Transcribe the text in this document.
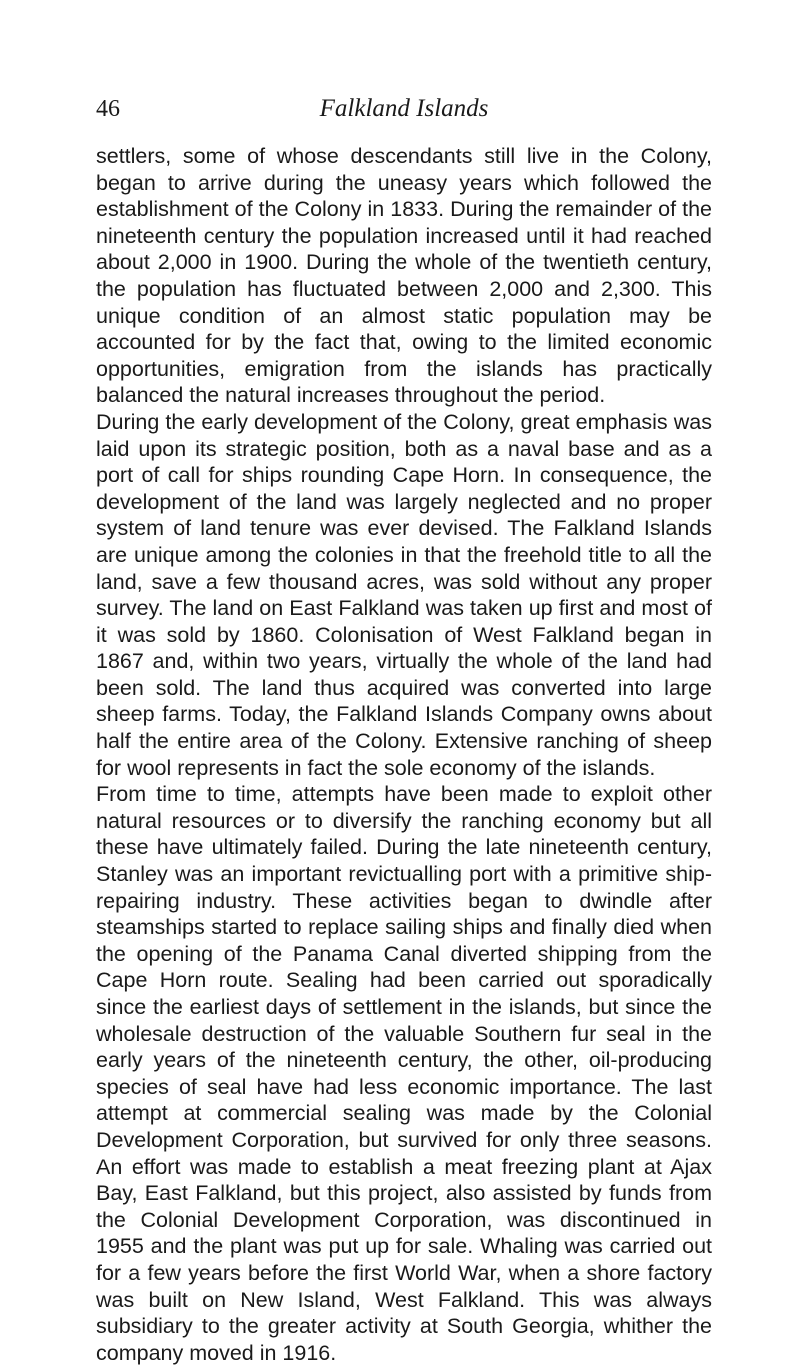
46	Falkland Islands

settlers, some of whose descendants still live in the Colony, began to arrive during the uneasy years which followed the establishment of the Colony in 1833. During the remainder of the nineteenth century the population increased until it had reached about 2,000 in 1900. During the whole of the twentieth century, the population has fluctuated between 2,000 and 2,300. This unique condition of an almost static population may be accounted for by the fact that, owing to the limited economic opportunities, emigration from the islands has practically balanced the natural increases throughout the period.

During the early development of the Colony, great emphasis was laid upon its strategic position, both as a naval base and as a port of call for ships rounding Cape Horn. In consequence, the development of the land was largely neglected and no proper system of land tenure was ever devised. The Falkland Islands are unique among the colonies in that the freehold title to all the land, save a few thousand acres, was sold without any proper survey. The land on East Falkland was taken up first and most of it was sold by 1860. Colonisation of West Falkland began in 1867 and, within two years, virtually the whole of the land had been sold. The land thus acquired was converted into large sheep farms. Today, the Falkland Islands Company owns about half the entire area of the Colony. Extensive ranching of sheep for wool represents in fact the sole economy of the islands.

From time to time, attempts have been made to exploit other natural resources or to diversify the ranching economy but all these have ultimately failed. During the late nineteenth century, Stanley was an important revictualling port with a primitive ship-repairing industry. These activities began to dwindle after steamships started to replace sailing ships and finally died when the opening of the Panama Canal diverted shipping from the Cape Horn route. Sealing had been carried out sporadically since the earliest days of settlement in the islands, but since the wholesale destruction of the valuable Southern fur seal in the early years of the nineteenth century, the other, oil-producing species of seal have had less economic importance. The last attempt at commercial sealing was made by the Colonial Development Corporation, but survived for only three seasons. An effort was made to establish a meat freezing plant at Ajax Bay, East Falkland, but this project, also assisted by funds from the Colonial Development Corporation, was discontinued in 1955 and the plant was put up for sale. Whaling was carried out for a few years before the first World War, when a shore factory was built on New Island, West Falkland. This was always subsidiary to the greater activity at South Georgia, whither the company moved in 1916.
